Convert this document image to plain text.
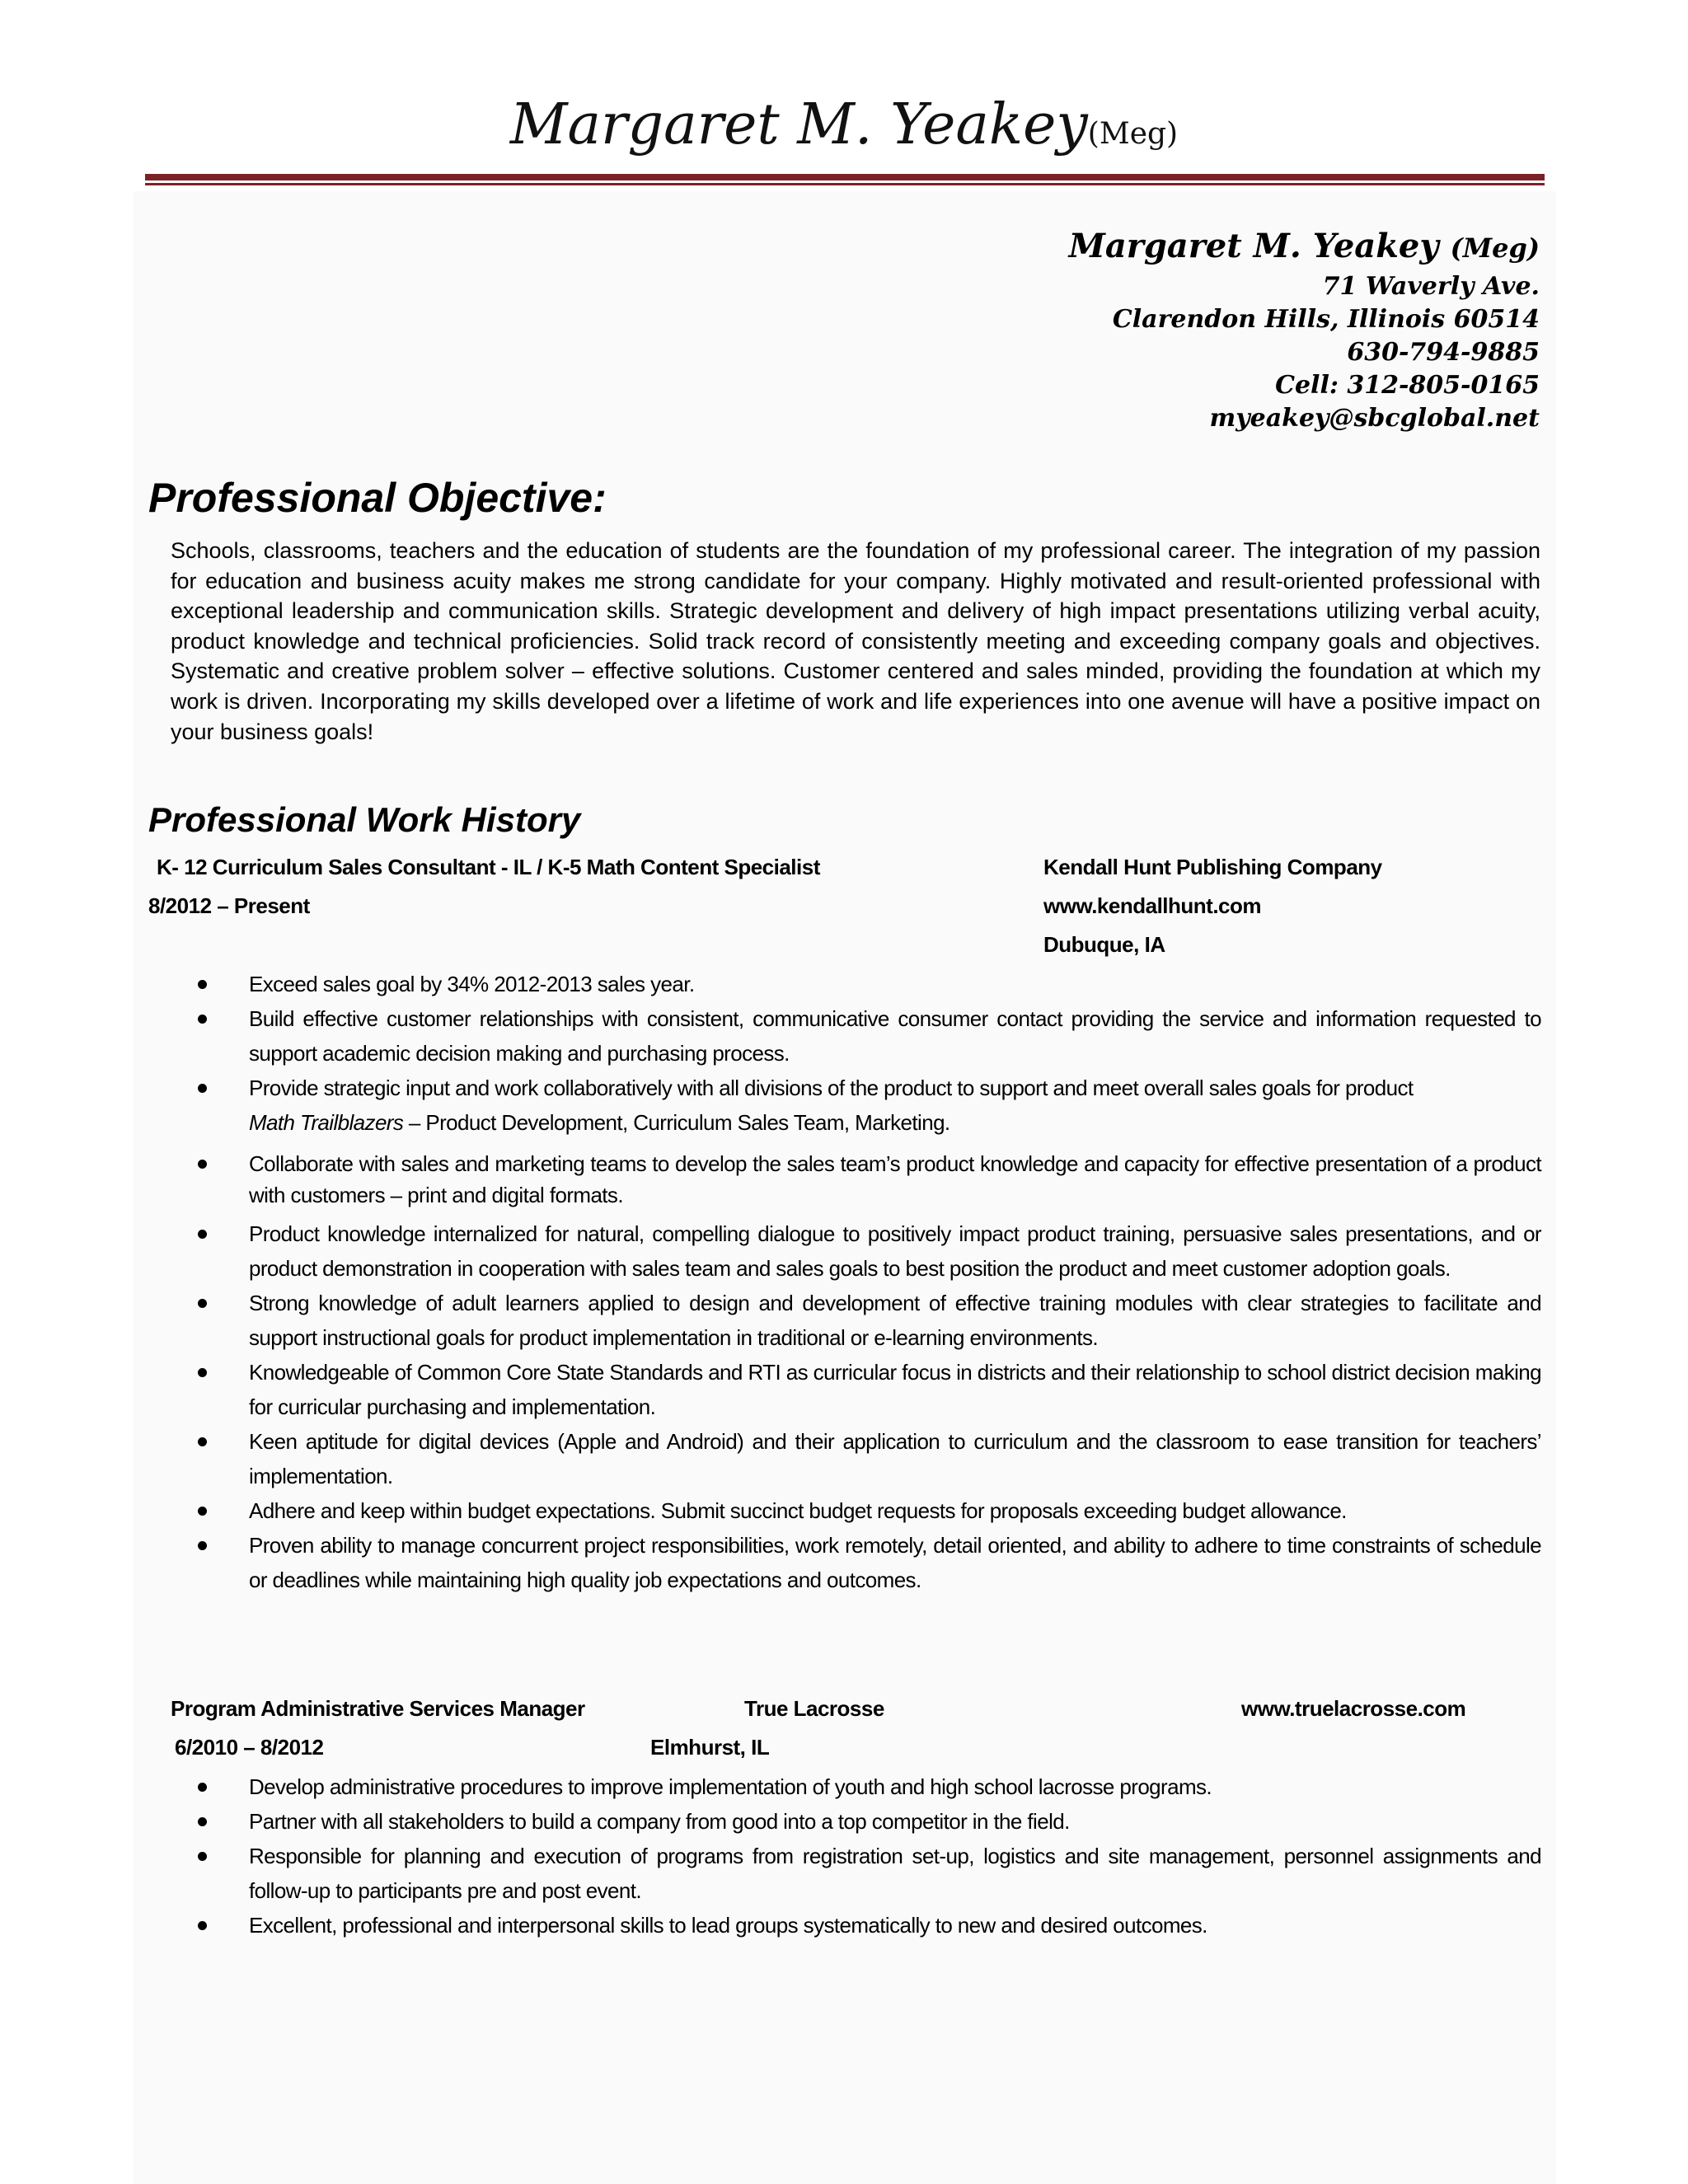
Margaret M. Yeakey(Meg)
Margaret M. Yeakey (Meg)
71 Waverly Ave.
Clarendon Hills, Illinois 60514
630-794-9885
Cell: 312-805-0165
myeakey@sbcglobal.net
Professional Objective:
Schools, classrooms, teachers and the education of students are the foundation of my professional career. The integration of my passion for education and business acuity makes me strong candidate for your company. Highly motivated and result-oriented professional with exceptional leadership and communication skills. Strategic development and delivery of high impact presentations utilizing verbal acuity, product knowledge and technical proficiencies. Solid track record of consistently meeting and exceeding company goals and objectives. Systematic and creative problem solver – effective solutions. Customer centered and sales minded, providing the foundation at which my work is driven. Incorporating my skills developed over a lifetime of work and life experiences into one avenue will have a positive impact on your business goals!
Professional Work History
K- 12 Curriculum Sales Consultant - IL / K-5 Math Content Specialist
8/2012 – Present
Kendall Hunt Publishing Company
www.kendallhunt.com
Dubuque, IA
Exceed sales goal by 34% 2012-2013 sales year.
Build effective customer relationships with consistent, communicative consumer contact providing the service and information requested to support academic decision making and purchasing process.
Provide strategic input and work collaboratively with all divisions of the product to support and meet overall sales goals for product
Math Trailblazers – Product Development, Curriculum Sales Team, Marketing.
Collaborate with sales and marketing teams to develop the sales team’s product knowledge and capacity for effective presentation of a product with customers – print and digital formats.
Product knowledge internalized for natural, compelling dialogue to positively impact product training, persuasive sales presentations, and or product demonstration in cooperation with sales team and sales goals to best position the product and meet customer adoption goals.
Strong knowledge of adult learners applied to design and development of effective training modules with clear strategies to facilitate and support instructional goals for product implementation in traditional or e-learning environments.
Knowledgeable of Common Core State Standards and RTI as curricular focus in districts and their relationship to school district decision making for curricular purchasing and implementation.
Keen aptitude for digital devices (Apple and Android) and their application to curriculum and the classroom to ease transition for teachers’ implementation.
Adhere and keep within budget expectations. Submit succinct budget requests for proposals exceeding budget allowance.
Proven ability to manage concurrent project responsibilities, work remotely, detail oriented, and ability to adhere to time constraints of schedule or deadlines while maintaining high quality job expectations and outcomes.
Program Administrative Services Manager	True Lacrosse	www.truelacrosse.com
6/2010 – 8/2012	Elmhurst, IL
Develop administrative procedures to improve implementation of youth and high school lacrosse programs.
Partner with all stakeholders to build a company from good into a top competitor in the field.
Responsible for planning and execution of programs from registration set-up, logistics and site management, personnel assignments and follow-up to participants pre and post event.
Excellent, professional and interpersonal skills to lead groups systematically to new and desired outcomes.
